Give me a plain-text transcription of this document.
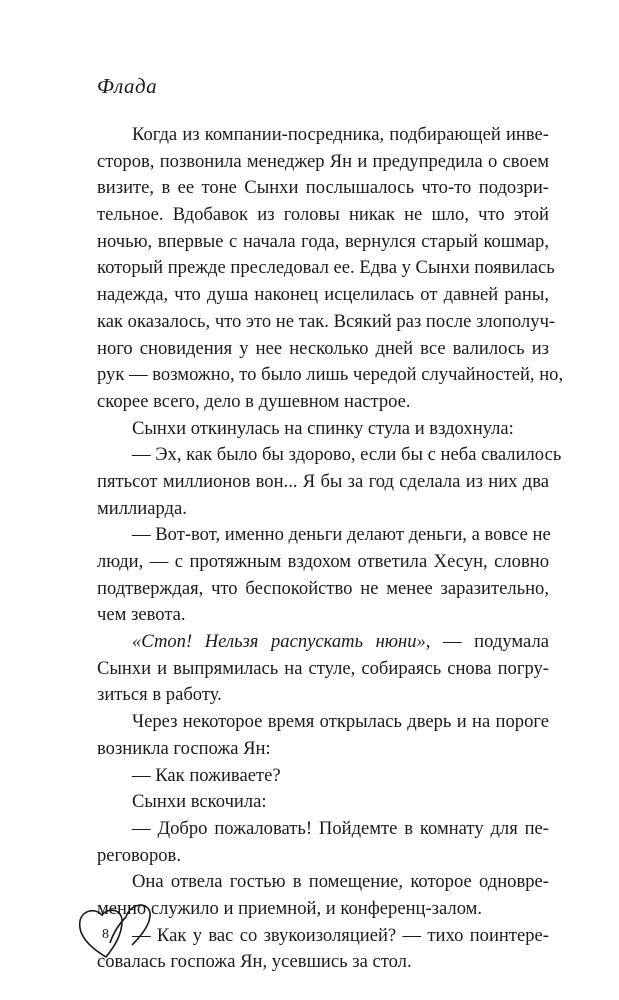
Флада
Когда из компании-посредника, подбирающей инве-
сторов, позвонила менеджер Ян и предупредила о своем
визите, в ее тоне Сынхи послышалось что-то подозри-
тельное. Вдобавок из головы никак не шло, что этой
ночью, впервые с начала года, вернулся старый кошмар,
который прежде преследовал ее. Едва у Сынхи появилась
надежда, что душа наконец исцелилась от давней раны,
как оказалось, что это не так. Всякий раз после злополуч-
ного сновидения у нее несколько дней все валилось из
рук — возможно, то было лишь чередой случайностей, но,
скорее всего, дело в душевном настрое.
Сынхи откинулась на спинку стула и вздохнула:
— Эх, как было бы здорово, если бы с неба свалилось
пятьсот миллионов вон... Я бы за год сделала из них два
миллиарда.
— Вот-вот, именно деньги делают деньги, а вовсе не
люди, — с протяжным вздохом ответила Хесун, словно
подтверждая, что беспокойство не менее заразительно,
чем зевота.
«Стоп! Нельзя распускать нюни», — подумала
Сынхи и выпрямилась на стуле, собираясь снова погру-
зиться в работу.
Через некоторое время открылась дверь и на пороге
возникла госпожа Ян:
— Как поживаете?
Сынхи вскочила:
— Добро пожаловать! Пойдемте в комнату для пе-
реговоров.
Она отвела гостью в помещение, которое одновре-
менно служило и приемной, и конференц-залом.
— Как у вас со звукоизоляцией? — тихо поинтере-
совалась госпожа Ян, усевшись за стол.
8
